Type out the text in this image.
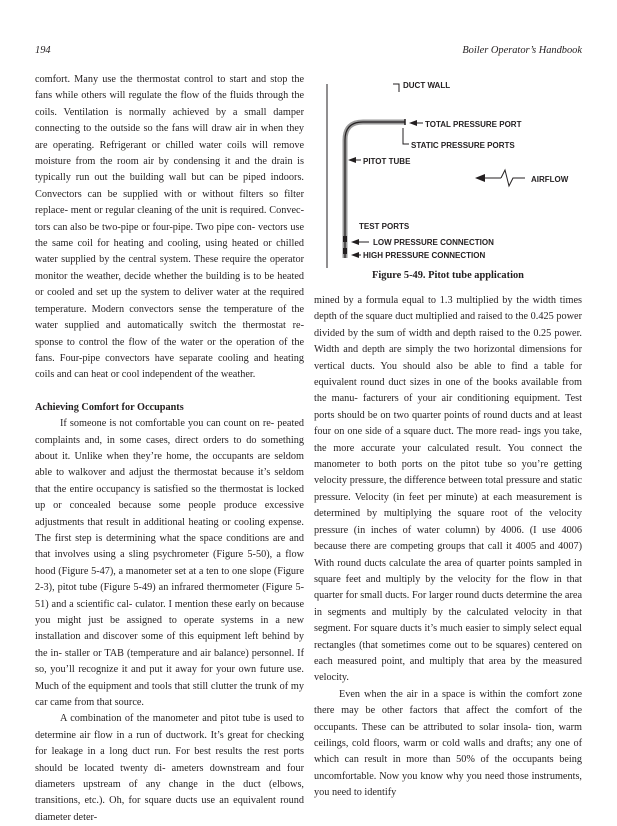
194	Boiler Operator’s Handbook

comfort. Many use the thermostat control to start and stop the fans while others will regulate the flow of the fluids through the coils. Ventilation is normally achieved by a small damper connecting to the outside so the fans will draw air in when they are operating. Refrigerant or chilled water coils will remove moisture from the room air by condensing it and the drain is typically run out the building wall but can be piped indoors. Convectors can be supplied with or without filters so filter replace- ment or regular cleaning of the unit is required. Convec- tors can also be two-pipe or four-pipe. Two pipe con- vectors use the same coil for heating and cooling, using heated or chilled water supplied by the central system. These require the operator monitor the weather, decide whether the building is to be heated or cooled and set up the system to deliver water at the required temperature. Modern convectors sense the temperature of the water supplied and automatically switch the thermostat re- sponse to control the flow of the water or the operation of the fans. Four-pipe convectors have separate cooling and heating coils and can heat or cool independent of the weather.

Achieving Comfort for Occupants

If someone is not comfortable you can count on re- peated complaints and, in some cases, direct orders to do something about it. Unlike when they’re home, the occupants are seldom able to walkover and adjust the thermostat because it’s seldom that the entire occupancy is satisfied so the thermostat is locked up or concealed because some people produce excessive adjustments that result in additional heating or cooling expense. The first step is determining what the space conditions are and that involves using a sling psychrometer (Figure 5-50), a flow hood (Figure 5-47), a manometer set at a ten to one slope (Figure 2-3), pitot tube (Figure 5-49) an infrared thermometer (Figure 5-51) and a scientific cal- culator. I mention these early on because you might just be assigned to operate systems in a new installation and discover some of this equipment left behind by the in- staller or TAB (temperature and air balance) personnel. If so, you’ll recognize it and put it away for your own future use. Much of the equipment and tools that still clutter the trunk of my car came from that source.

A combination of the manometer and pitot tube is used to determine air flow in a run of ductwork. It’s great for checking for leakage in a long duct run. For best results the rest ports should be located twenty di- ameters downstream and four diameters upstream of any change in the duct (elbows, transitions, etc.). Oh, for square ducts use an equivalent round diameter deter-

DUCT WALL
TOTAL PRESSURE PORT
STATIC PRESSURE PORTS
PITOT TUBE
AIRFLOW
TEST PORTS
LOW PRESSURE CONNECTION
HIGH PRESSURE CONNECTION
Figure 5-49. Pitot tube application

mined by a formula equal to 1.3 multiplied by the width times depth of the square duct multiplied and raised to the 0.425 power divided by the sum of width and depth raised to the 0.25 power. Width and depth are simply the two horizontal dimensions for vertical ducts. You should also be able to find a table for equivalent round duct sizes in one of the books available from the manu- facturers of your air conditioning equipment. Test ports should be on two quarter points of round ducts and at least four on one side of a square duct. The more read- ings you take, the more accurate your calculated result. You connect the manometer to both ports on the pitot tube so you’re getting velocity pressure, the difference between total pressure and static pressure. Velocity (in feet per minute) at each measurement is determined by multiplying the square root of the velocity pressure (in inches of water column) by 4006. (I use 4006 because there are competing groups that call it 4005 and 4007) With round ducts calculate the area of quarter points sampled in square feet and multiply by the velocity for the flow in that quarter for small ducts. For larger round ducts determine the area in segments and multiply by the calculated velocity in that segment. For square ducts it’s much easier to simply select equal rectangles (that sometimes come out to be squares) centered on each measured point, and multiply that area by the measured velocity.

Even when the air in a space is within the comfort zone there may be other factors that affect the comfort of the occupants. These can be attributed to solar insola- tion, warm ceilings, cold floors, warm or cold walls and drafts; any one of which can result in more than 50% of the occupants being uncomfortable. Now you know why you need those instruments, you need to identify
